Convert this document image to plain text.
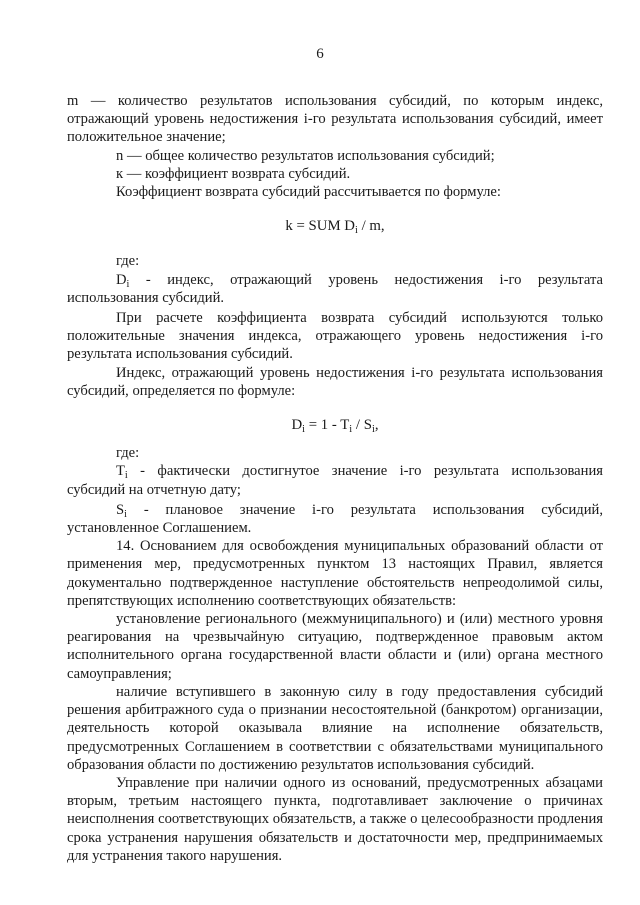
6

m — количество результатов использования субсидий, по которым индекс, отражающий уровень недостижения i-го результата использования субсидий, имеет положительное значение;

n — общее количество результатов использования субсидий;

к — коэффициент возврата субсидий.

Коэффициент возврата субсидий рассчитывается по формуле:

k = SUM $D_i$ / m,

где:

$D_i$ - индекс, отражающий уровень недостижения i-го результата использования субсидий.

При расчете коэффициента возврата субсидий используются только положительные значения индекса, отражающего уровень недостижения i-го результата использования субсидий.

Индекс, отражающий уровень недостижения i-го результата использования субсидий, определяется по формуле:

$D_i = 1 - T_i / S_i$,

где:

$T_i$ - фактически достигнутое значение i-го результата использования субсидий на отчетную дату;

$S_i$ - плановое значение i-го результата использования субсидий, установленное Соглашением.

14. Основанием для освобождения муниципальных образований области от применения мер, предусмотренных пунктом 13 настоящих Правил, является документально подтвержденное наступление обстоятельств непреодолимой силы, препятствующих исполнению соответствующих обязательств:

установление регионального (межмуниципального) и (или) местного уровня реагирования на чрезвычайную ситуацию, подтвержденное правовым актом исполнительного органа государственной власти области и (или) органа местного самоуправления;

наличие вступившего в законную силу в году предоставления субсидий решения арбитражного суда о признании несостоятельной (банкротом) организации, деятельность которой оказывала влияние на исполнение обязательств, предусмотренных Соглашением в соответствии с обязательствами муниципального образования области по достижению результатов использования субсидий.

Управление при наличии одного из оснований, предусмотренных абзацами вторым, третьим настоящего пункта, подготавливает заключение о причинах неисполнения соответствующих обязательств, а также о целесообразности продления срока устранения нарушения обязательств и достаточности мер, предпринимаемых для устранения такого нарушения.
